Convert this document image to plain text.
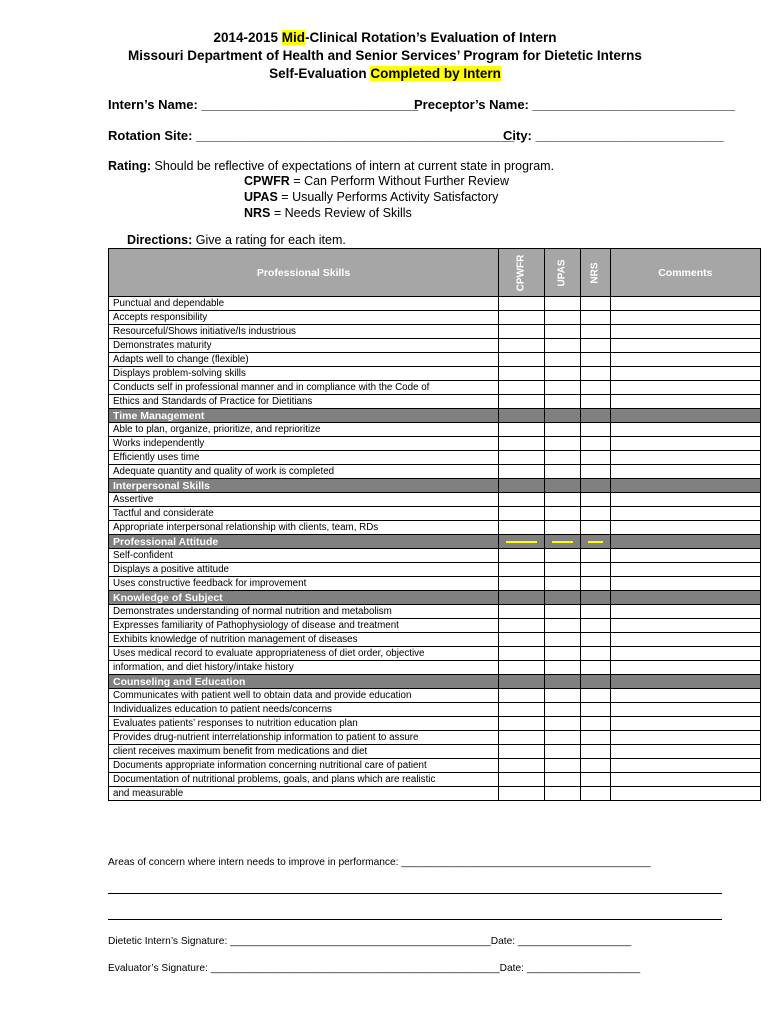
2014-2015 Mid-Clinical Rotation’s Evaluation of Intern
Missouri Department of Health and Senior Services’ Program for Dietetic Interns
Self-Evaluation Completed by Intern
Intern’s Name: ______________________________
Preceptor’s Name: ____________________________
Rotation Site: ____________________________________________
City: __________________________
Rating: Should be reflective of expectations of intern at current state in program.
CPWFR = Can Perform Without Further Review
UPAS = Usually Performs Activity Satisfactory
NRS = Needs Review of Skills
Directions: Give a rating for each item.
Professional Skills	CPWFR	UPAS	NRS	Comments
Punctual and dependable				
Accepts responsibility				
Resourceful/Shows initiative/Is industrious				
Demonstrates maturity				
Adapts well to change (flexible)				
Displays problem-solving skills				
Conducts self in professional manner and in compliance with the Code of				
Ethics and Standards of Practice for Dietitians				
Time Management				
Able to plan, organize, prioritize, and reprioritize				
Works independently				
Efficiently uses time				
Adequate quantity and quality of work is completed				
Interpersonal Skills				
Assertive				
Tactful and considerate				
Appropriate interpersonal relationship with clients, team, RDs				
Professional Attitude	

Self-confident				
Displays a positive attitude				
Uses constructive feedback for improvement				
Knowledge of Subject				
Demonstrates understanding of normal nutrition and metabolism				
Expresses familiarity of Pathophysiology of disease and treatment				
Exhibits knowledge of nutrition management of diseases				
Uses medical record to evaluate appropriateness of diet order, objective				
information, and diet history/intake history				
Counseling and Education				
Communicates with patient well to obtain data and provide education				
Individualizes education to patient needs/concerns				
Evaluates patients’ responses to nutrition education plan				
Provides drug-nutrient interrelationship information to patient to assure				
client receives maximum benefit from medications and diet				
Documents appropriate information concerning nutritional care of patient				
Documentation of nutritional problems, goals, and plans which are realistic				
and measurable				
Areas of concern where intern needs to improve in performance: ____________________________________________
Dietetic Intern’s Signature: ______________________________________________Date: ____________________
Evaluator’s Signature: ___________________________________________________Date: ____________________
